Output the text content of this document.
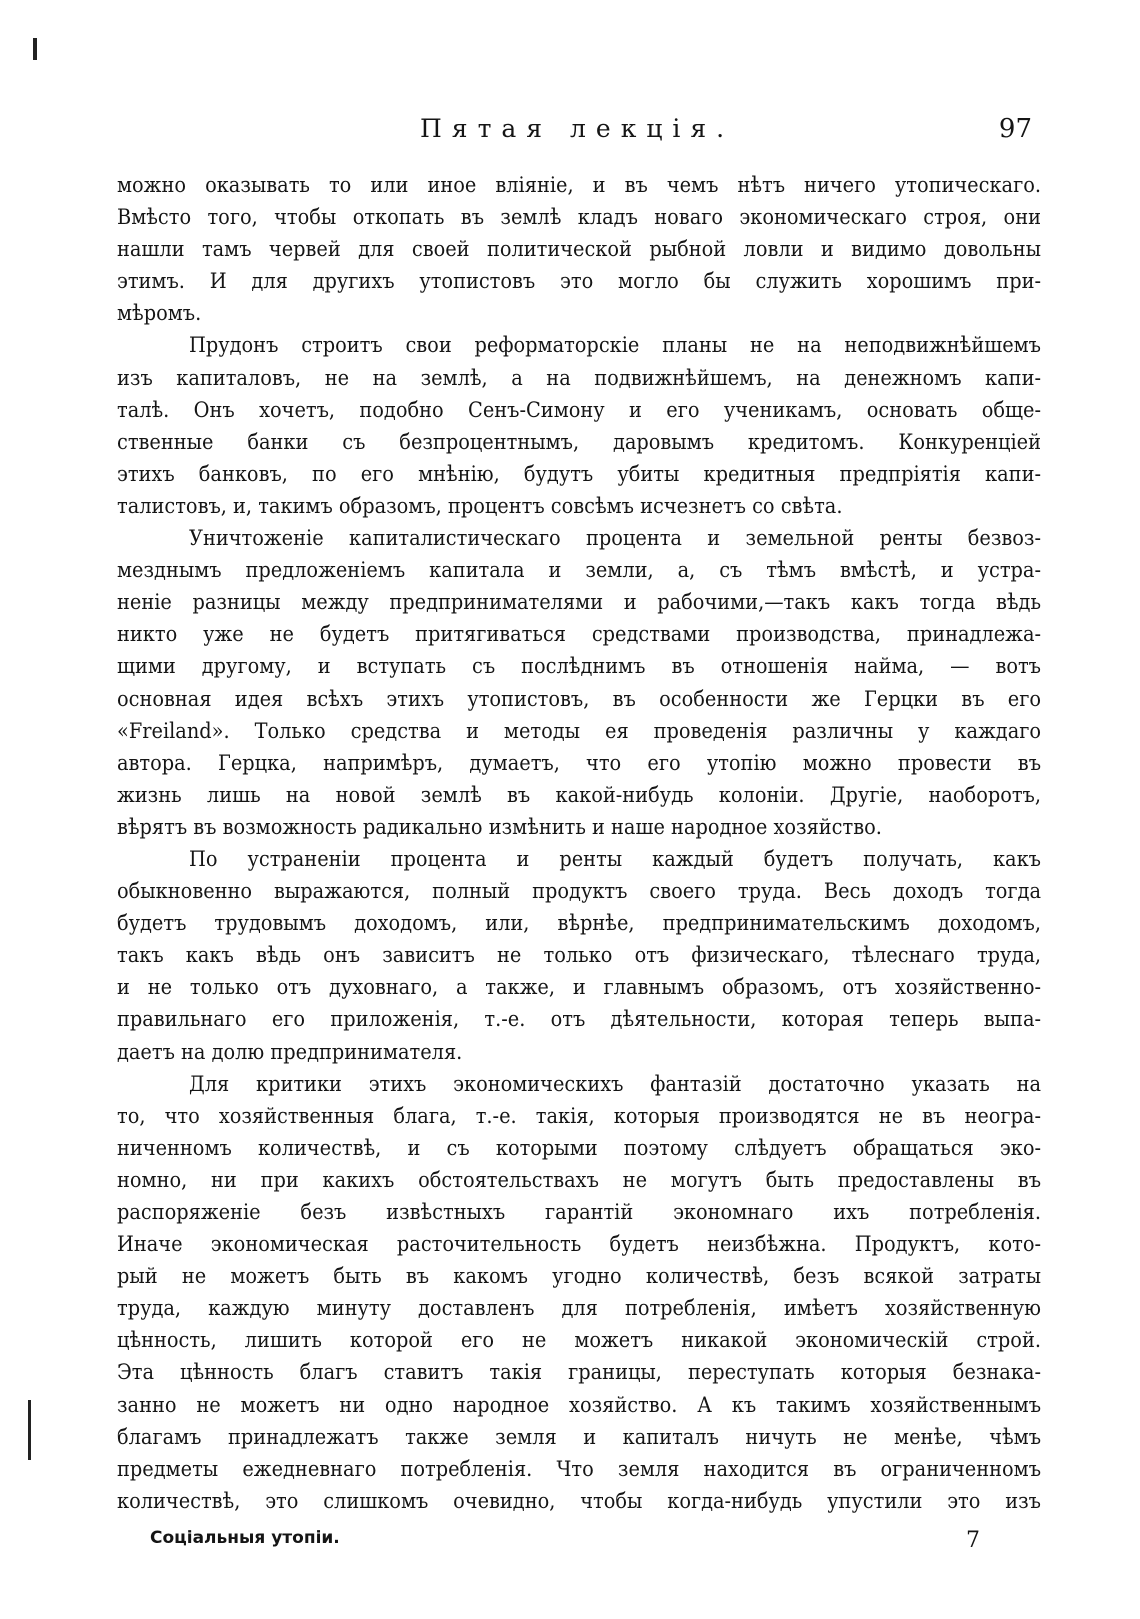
Пятая лекція.	97
можно оказывать то или иное вліяніе, и въ чемъ нѣтъ ничего утопическаго.
Вмѣсто того, чтобы откопать въ землѣ кладъ новаго экономическаго строя, они
нашли тамъ червей для своей политической рыбной ловли и видимо довольны
этимъ. И для другихъ утопистовъ это могло бы служить хорошимъ при-
мѣромъ.
Прудонъ строитъ свои реформаторскіе планы не на неподвижнѣйшемъ
изъ капиталовъ, не на землѣ, а на подвижнѣйшемъ, на денежномъ капи-
талѣ. Онъ хочетъ, подобно Сенъ-Симону и его ученикамъ, основать обще-
ственные банки съ безпроцентнымъ, даровымъ кредитомъ. Конкуренціей
этихъ банковъ, по его мнѣнію, будутъ убиты кредитныя предпріятія капи-
талистовъ, и, такимъ образомъ, процентъ совсѣмъ исчезнетъ со свѣта.
Уничтоженіе капиталистическаго процента и земельной ренты безвоз-
мезднымъ предложеніемъ капитала и земли, а, съ тѣмъ вмѣстѣ, и устра-
неніе разницы между предпринимателями и рабочими,—такъ какъ тогда вѣдь
никто уже не будетъ притягиваться средствами производства, принадлежа-
щими другому, и вступать съ послѣднимъ въ отношенія найма, — вотъ
основная идея всѣхъ этихъ утопистовъ, въ особенности же Герцки въ его
«Freiland». Только средства и методы ея проведенія различны у каждаго
автора. Герцка, напримѣръ, думаетъ, что его утопію можно провести въ
жизнь лишь на новой землѣ въ какой-нибудь колоніи. Другіе, наоборотъ,
вѣрятъ въ возможность радикально измѣнить и наше народное хозяйство.
По устраненіи процента и ренты каждый будетъ получать, какъ
обыкновенно выражаются, полный продуктъ своего труда. Весь доходъ тогда
будетъ трудовымъ доходомъ, или, вѣрнѣе, предпринимательскимъ доходомъ,
такъ какъ вѣдь онъ зависитъ не только отъ физическаго, тѣлеснаго труда,
и не только отъ духовнаго, а также, и главнымъ образомъ, отъ хозяйственно-
правильнаго его приложенія, т.-е. отъ дѣятельности, которая теперь выпа-
даетъ на долю предпринимателя.
Для критики этихъ экономическихъ фантазій достаточно указать на
то, что хозяйственныя блага, т.-е. такія, которыя производятся не въ неогра-
ниченномъ количествѣ, и съ которыми поэтому слѣдуетъ обращаться эко-
номно, ни при какихъ обстоятельствахъ не могутъ быть предоставлены въ
распоряженіе безъ извѣстныхъ гарантій экономнаго ихъ потребленія.
Иначе экономическая расточительность будетъ неизбѣжна. Продуктъ, кото-
рый не можетъ быть въ какомъ угодно количествѣ, безъ всякой затраты
труда, каждую минуту доставленъ для потребленія, имѣетъ хозяйственную
цѣнность, лишить которой его не можетъ никакой экономическій строй.
Эта цѣнность благъ ставитъ такія границы, переступать которыя безнака-
занно не можетъ ни одно народное хозяйство. А къ такимъ хозяйственнымъ
благамъ принадлежатъ также земля и капиталъ ничуть не менѣе, чѣмъ
предметы ежедневнаго потребленія. Что земля находится въ ограниченномъ
количествѣ, это слишкомъ очевидно, чтобы когда-нибудь упустили это изъ
Соціальныя утопіи.	7
